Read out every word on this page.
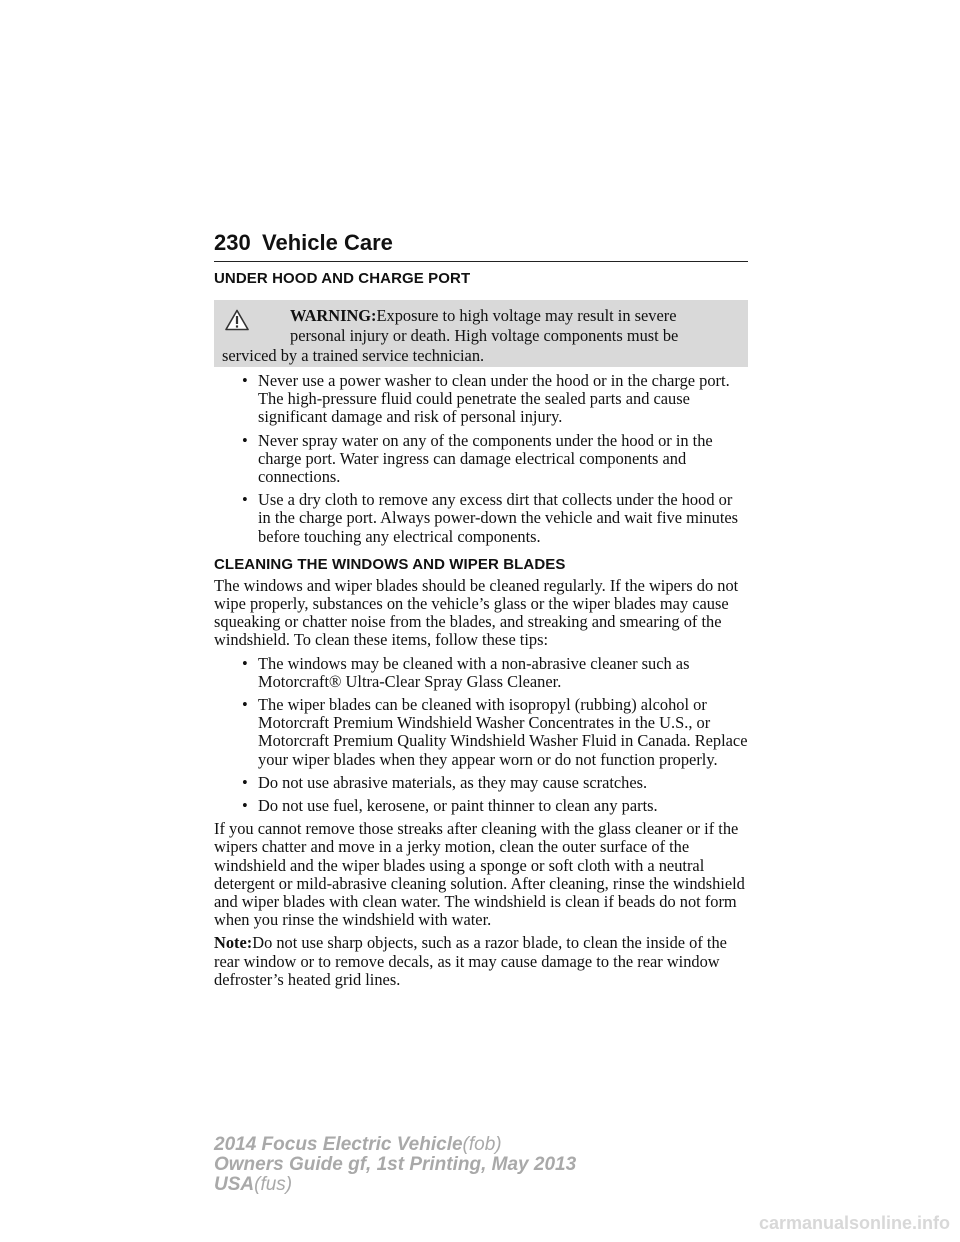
230 Vehicle Care
UNDER HOOD AND CHARGE PORT

WARNING:Exposure to high voltage may result in severe

personal injury or death. High voltage components must be

serviced by a trained service technician.

• Never use a power washer to clean under the hood or in the charge port. The high-pressure fluid could penetrate the sealed parts and cause significant damage and risk of personal injury.
• Never spray water on any of the components under the hood or in the charge port. Water ingress can damage electrical components and connections.
• Use a dry cloth to remove any excess dirt that collects under the hood or in the charge port. Always power-down the vehicle and wait five minutes before touching any electrical components.
CLEANING THE WINDOWS AND WIPER BLADES

The windows and wiper blades should be cleaned regularly. If the wipers do not wipe properly, substances on the vehicle’s glass or the wiper blades may cause squeaking or chatter noise from the blades, and streaking and smearing of the windshield. To clean these items, follow these tips:

• The windows may be cleaned with a non-abrasive cleaner such as Motorcraft® Ultra-Clear Spray Glass Cleaner.
• The wiper blades can be cleaned with isopropyl (rubbing) alcohol or Motorcraft Premium Windshield Washer Concentrates in the U.S., or Motorcraft Premium Quality Windshield Washer Fluid in Canada. Replace your wiper blades when they appear worn or do not function properly.
• Do not use abrasive materials, as they may cause scratches.
• Do not use fuel, kerosene, or paint thinner to clean any parts.

If you cannot remove those streaks after cleaning with the glass cleaner or if the wipers chatter and move in a jerky motion, clean the outer surface of the windshield and the wiper blades using a sponge or soft cloth with a neutral detergent or mild-abrasive cleaning solution. After cleaning, rinse the windshield and wiper blades with clean water. The windshield is clean if beads do not form when you rinse the windshield with water.

Note:Do not use sharp objects, such as a razor blade, to clean the inside of the rear window or to remove decals, as it may cause damage to the rear window defroster’s heated grid lines.

2014 Focus Electric Vehicle(fob)
Owners Guide gf, 1st Printing, May 2013
USA(fus)
carmanualsonline.info
